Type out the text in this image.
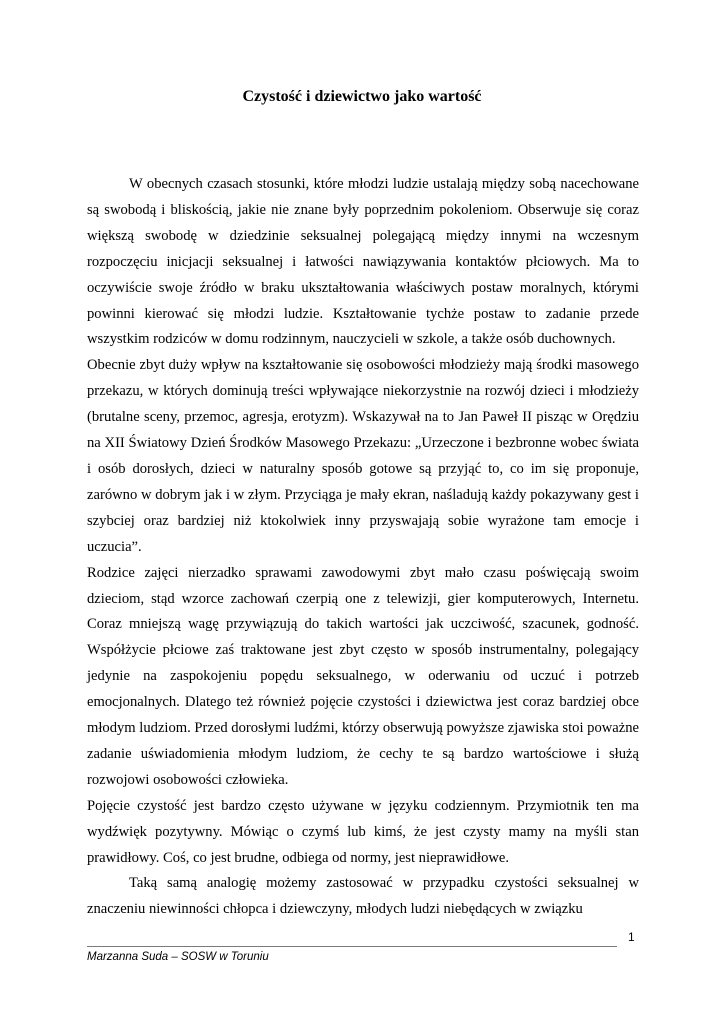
Czystość i dziewictwo jako wartość

W obecnych czasach stosunki, które młodzi ludzie ustalają między sobą nacechowane są swobodą i bliskością, jakie nie znane były poprzednim pokoleniom. Obserwuje się coraz większą swobodę w dziedzinie seksualnej polegającą między innymi na wczesnym rozpoczęciu inicjacji seksualnej i łatwości nawiązywania kontaktów płciowych. Ma to oczywiście swoje źródło w braku ukształtowania właściwych postaw moralnych, którymi powinni kierować się młodzi ludzie. Kształtowanie tychże postaw to zadanie przede wszystkim rodziców w domu rodzinnym, nauczycieli w szkole, a także osób duchownych.

Obecnie zbyt duży wpływ na kształtowanie się osobowości młodzieży mają środki masowego przekazu, w których dominują treści wpływające niekorzystnie na rozwój dzieci i młodzieży (brutalne sceny, przemoc, agresja, erotyzm). Wskazywał na to Jan Paweł II pisząc w Orędziu na XII Światowy Dzień Środków Masowego Przekazu: „Urzeczone i bezbronne wobec świata i osób dorosłych, dzieci w naturalny sposób gotowe są przyjąć to, co im się proponuje, zarówno w dobrym jak i w złym. Przyciąga je mały ekran, naśladują każdy pokazywany gest i szybciej oraz bardziej niż ktokolwiek inny przyswajają sobie wyrażone tam emocje i uczucia”.

Rodzice zajęci nierzadko sprawami zawodowymi zbyt mało czasu poświęcają swoim dzieciom, stąd wzorce zachowań czerpią one z telewizji, gier komputerowych, Internetu. Coraz mniejszą wagę przywiązują do takich wartości jak uczciwość, szacunek, godność. Współżycie płciowe zaś traktowane jest zbyt często w sposób instrumentalny, polegający jedynie na zaspokojeniu popędu seksualnego, w oderwaniu od uczuć i potrzeb emocjonalnych. Dlatego też również pojęcie czystości i dziewictwa jest coraz bardziej obce młodym ludziom. Przed dorosłymi ludźmi, którzy obserwują powyższe zjawiska stoi poważne zadanie uświadomienia młodym ludziom, że cechy te są bardzo wartościowe i służą rozwojowi osobowości człowieka.

Pojęcie czystość jest bardzo często używane w języku codziennym. Przymiotnik ten ma wydźwięk pozytywny. Mówiąc o czymś lub kimś, że jest czysty mamy na myśli stan prawidłowy. Coś, co jest brudne, odbiega od normy, jest nieprawidłowe.

Taką samą analogię możemy zastosować w przypadku czystości seksualnej w znaczeniu niewinności chłopca i dziewczyny, młodych ludzi niebędących w związku

1
Marzanna Suda – SOSW w Toruniu
